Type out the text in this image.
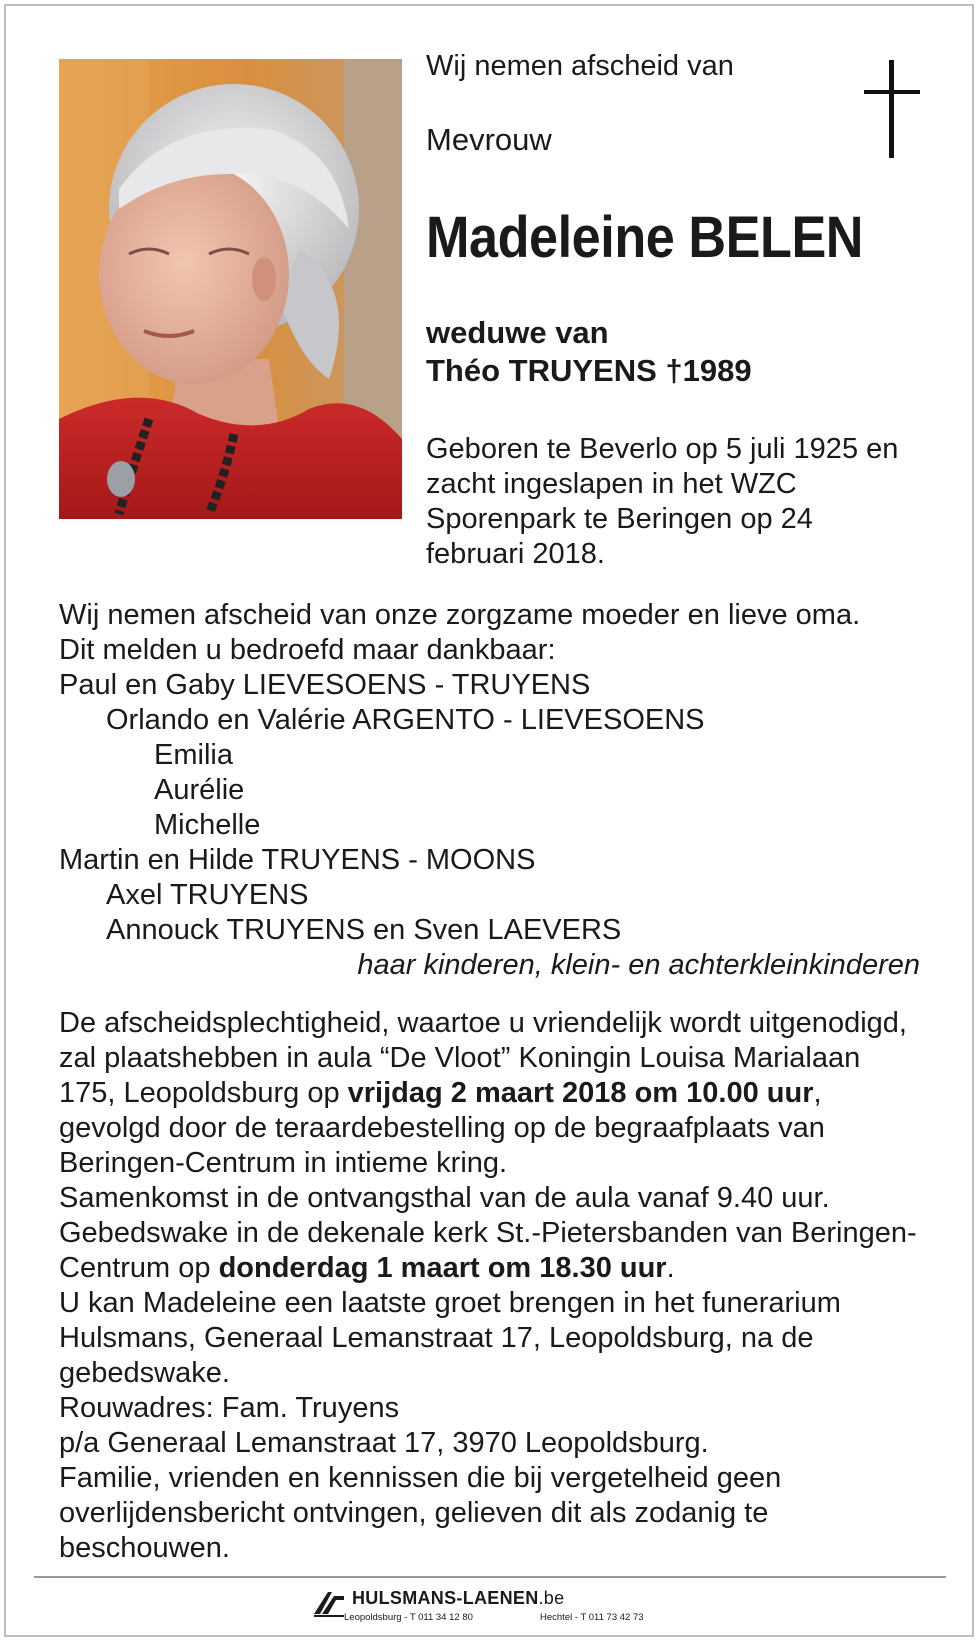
Wij nemen afscheid van
Mevrouw
Madeleine BELEN
weduwe van
Théo TRUYENS †1989
Geboren te Beverlo op 5 juli 1925 en zacht ingeslapen in het WZC Sporenpark te Beringen op 24 februari 2018.
Wij nemen afscheid van onze zorgzame moeder en lieve oma.
Dit melden u bedroefd maar dankbaar:
Paul en Gaby LIEVESOENS - TRUYENS
Orlando en Valérie ARGENTO - LIEVESOENS
Emilia
Aurélie
Michelle
Martin en Hilde TRUYENS - MOONS
Axel TRUYENS
Annouck TRUYENS en Sven LAEVERS
haar kinderen, klein- en achterkleinkinderen

De afscheidsplechtigheid, waartoe u vriendelijk wordt uitgenodigd, zal plaatshebben in aula “De Vloot” Koningin Louisa Marialaan 175, Leopoldsburg op vrijdag 2 maart 2018 om 10.00 uur, gevolgd door de teraardebestelling op de begraafplaats van Beringen-Centrum in intieme kring.

Samenkomst in de ontvangsthal van de aula vanaf 9.40 uur.

Gebedswake in de dekenale kerk St.-Pietersbanden van Beringen-Centrum op donderdag 1 maart om 18.30 uur.

U kan Madeleine een laatste groet brengen in het funerarium Hulsmans, Generaal Lemanstraat 17, Leopoldsburg, na de gebedswake.

Rouwadres: Fam. Truyens

p/a Generaal Lemanstraat 17, 3970 Leopoldsburg.

Familie, vrienden en kennissen die bij vergetelheid geen overlijdensbericht ontvingen, gelieven dit als zodanig te beschouwen.

HULSMANS-LAENEN.be
Leopoldsburg - T 011 34 12 80	Hechtel - T 011 73 42 73
